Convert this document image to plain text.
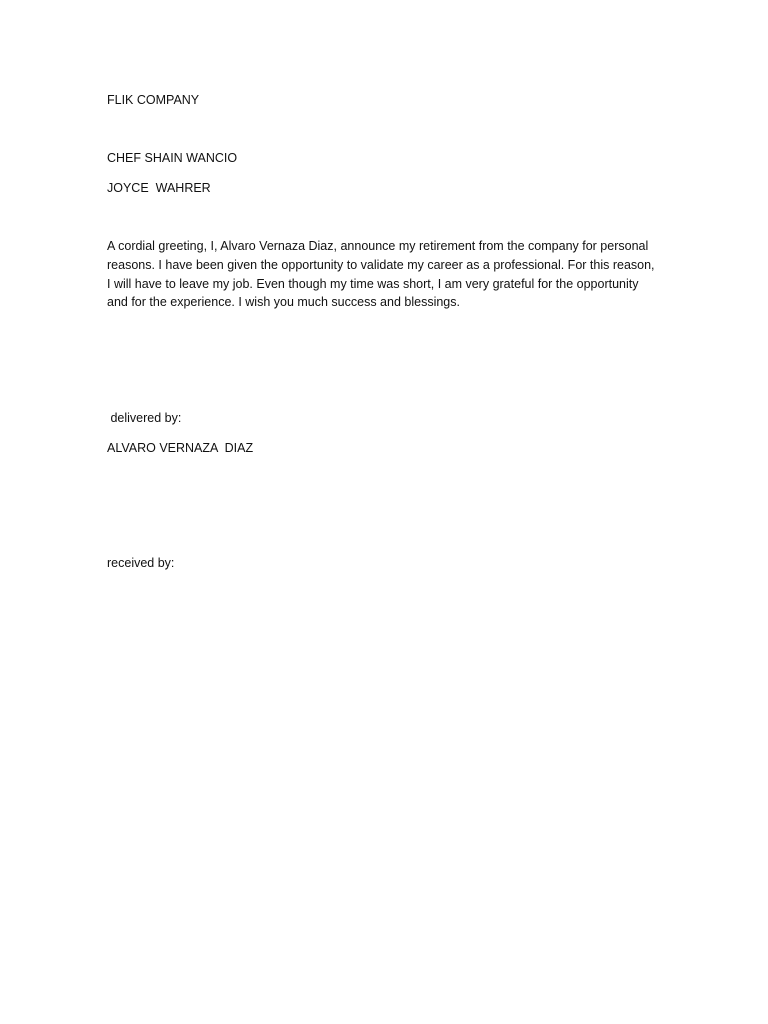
FLIK COMPANY
CHEF SHAIN WANCIO
JOYCE  WAHRER
A cordial greeting, I, Alvaro Vernaza Diaz, announce my retirement from the company for personal
reasons. I have been given the opportunity to validate my career as a professional. For this reason,
I will have to leave my job. Even though my time was short, I am very grateful for the opportunity
and for the experience. I wish you much success and blessings.
delivered by:
ALVARO VERNAZA  DIAZ
received by:
